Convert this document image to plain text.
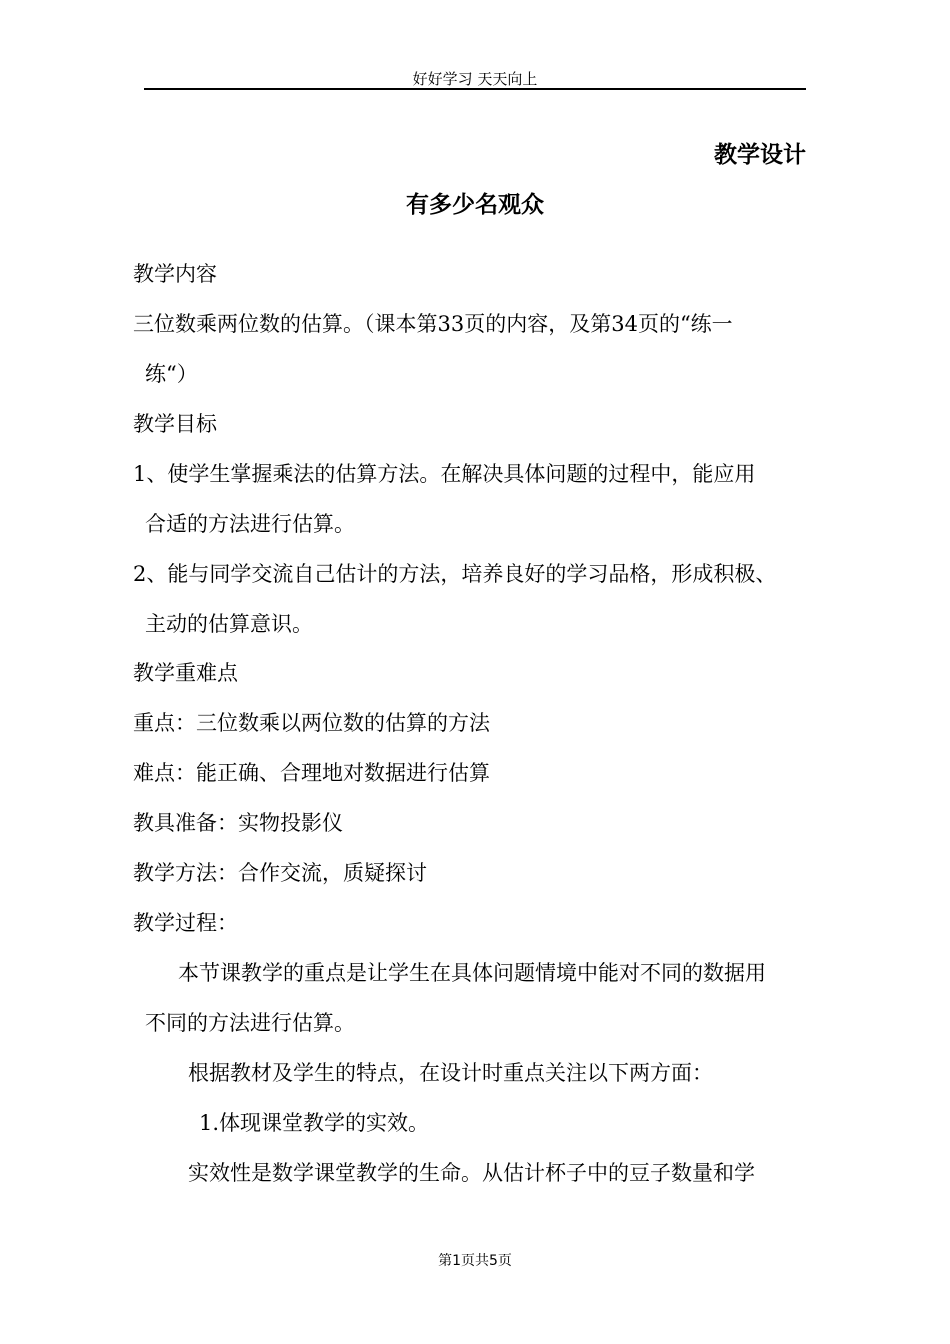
好好学习 天天向上
教学设计
有多少名观众
教学内容
三位数乘两位数的估算。（课本第33页的内容，及第34页的“练一
练“）
教学目标
1、使学生掌握乘法的估算方法。在解决具体问题的过程中，能应用
合适的方法进行估算。
2、能与同学交流自己估计的方法，培养良好的学习品格，形成积极、
主动的估算意识。
教学重难点
重点：三位数乘以两位数的估算的方法
难点：能正确、合理地对数据进行估算
教具准备：实物投影仪
教学方法：合作交流，质疑探讨
教学过程：
本节课教学的重点是让学生在具体问题情境中能对不同的数据用
不同的方法进行估算。
根据教材及学生的特点，在设计时重点关注以下两方面：
1.体现课堂教学的实效。
实效性是数学课堂教学的生命。从估计杯子中的豆子数量和学
第1页共5页
